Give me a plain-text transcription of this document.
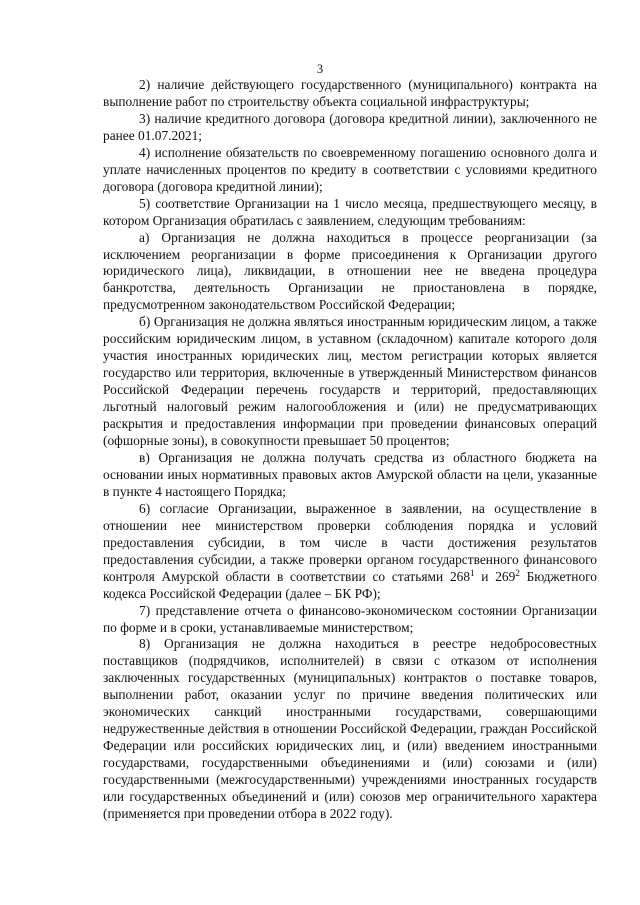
3

2) наличие действующего государственного (муниципального) контракта на выполнение работ по строительству объекта социальной инфраструктуры;

3) наличие кредитного договора (договора кредитной линии), заключенного не ранее 01.07.2021;

4) исполнение обязательств по своевременному погашению основного долга и уплате начисленных процентов по кредиту в соответствии с условиями кредитного договора (договора кредитной линии);

5) соответствие Организации на 1 число месяца, предшествующего месяцу, в котором Организация обратилась с заявлением, следующим требованиям:

а) Организация не должна находиться в процессе реорганизации (за исключением реорганизации в форме присоединения к Организации другого юридического лица), ликвидации, в отношении нее не введена процедура банкротства, деятельность Организации не приостановлена в порядке, предусмотренном законодательством Российской Федерации;

б) Организация не должна являться иностранным юридическим лицом, а также российским юридическим лицом, в уставном (складочном) капитале которого доля участия иностранных юридических лиц, местом регистрации которых является государство или территория, включенные в утвержденный Министерством финансов Российской Федерации перечень государств и территорий, предоставляющих льготный налоговый режим налогообложения и (или) не предусматривающих раскрытия и предоставления информации при проведении финансовых операций (офшорные зоны), в совокупности превышает 50 процентов;

в) Организация не должна получать средства из областного бюджета на основании иных нормативных правовых актов Амурской области на цели, указанные в пункте 4 настоящего Порядка;

6) согласие Организации, выраженное в заявлении, на осуществление в отношении нее министерством проверки соблюдения порядка и условий предоставления субсидии, в том числе в части достижения результатов предоставления субсидии, а также проверки органом государственного финансового контроля Амурской области в соответствии со статьями $268^1$ и $269^2$ Бюджетного кодекса Российской Федерации (далее – БК РФ);

7) представление отчета о финансово-экономическом состоянии Организации по форме и в сроки, устанавливаемые министерством;

8) Организация не должна находиться в реестре недобросовестных поставщиков (подрядчиков, исполнителей) в связи с отказом от исполнения заключенных государственных (муниципальных) контрактов о поставке товаров, выполнении работ, оказании услуг по причине введения политических или экономических санкций иностранными государствами, совершающими недружественные действия в отношении Российской Федерации, граждан Российской Федерации или российских юридических лиц, и (или) введением иностранными государствами, государственными объединениями и (или) союзами и (или) государственными (межгосударственными) учреждениями иностранных государств или государственных объединений и (или) союзов мер ограничительного характера (применяется при проведении отбора в 2022 году).
